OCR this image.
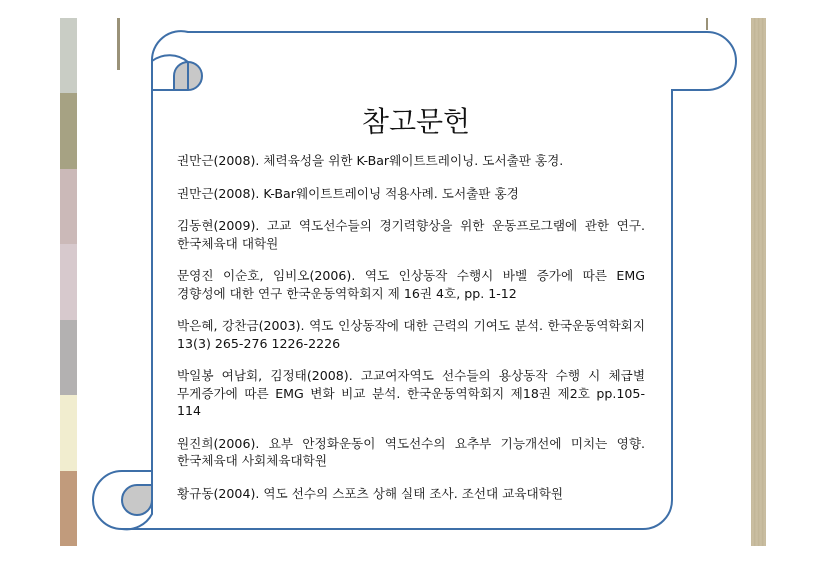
참고문헌

권만근(2008). 체력육성을 위한 K-Bar웨이트트레이닝. 도서출판 홍경.

권만근(2008). K-Bar웨이트트레이닝 적용사례. 도서출판 홍경

김동현(2009). 고교 역도선수들의 경기력향상을 위한 운동프로그램에 관한 연구. 한국체육대 대학원

문영진 이순호, 임비오(2006). 역도 인상동작 수행시 바벨 증가에 따른 EMG 경향성에 대한 연구 한국운동역학회지 제 16권 4호, pp. 1-12

박은혜, 강찬금(2003). 역도 인상동작에 대한 근력의 기여도 분석. 한국운동역학회지 13(3) 265-276 1226-2226

박일봉 여남회, 김정태(2008). 고교여자역도 선수들의 용상동작 수행 시 체급별 무게증가에 따른 EMG 변화 비교 분석. 한국운동역학회지 제18권 제2호 pp.105-114

원진희(2006). 요부 안정화운동이 역도선수의 요추부 기능개선에 미치는 영향. 한국체육대 사회체육대학원

황규동(2004). 역도 선수의 스포츠 상해 실태 조사. 조선대 교육대학원
